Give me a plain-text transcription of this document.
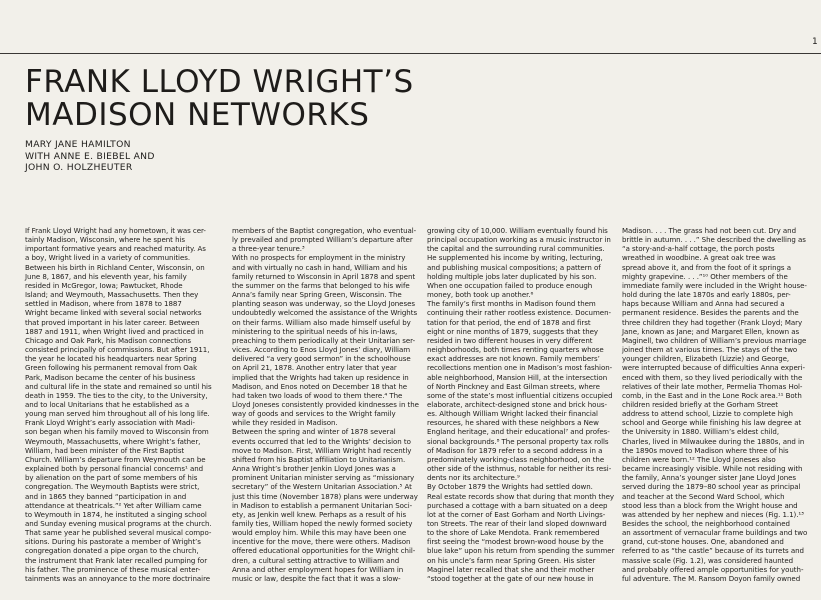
1
FRANK LLOYD WRIGHT’S
MADISON NETWORKS
MARY JANE HAMILTON
WITH ANNE E. BIEBEL AND
JOHN O. HOLZHEUTER
If Frank Lloyd Wright had any hometown, it was cer-
tainly Madison, Wisconsin, where he spent his
important formative years and reached maturity. As
a boy, Wright lived in a variety of communities.
Between his birth in Richland Center, Wisconsin, on
June 8, 1867, and his eleventh year, his family
resided in McGregor, Iowa; Pawtucket, Rhode
Island; and Weymouth, Massachusetts. Then they
settled in Madison, where from 1878 to 1887
Wright became linked with several social networks
that proved important in his later career. Between
1887 and 1911, when Wright lived and practiced in
Chicago and Oak Park, his Madison connections
consisted principally of commissions. But after 1911,
the year he located his headquarters near Spring
Green following his permanent removal from Oak
Park, Madison became the center of his business
and cultural life in the state and remained so until his
death in 1959. The ties to the city, to the University,
and to local Unitarians that he established as a
young man served him throughout all of his long life.
Frank Lloyd Wright’s early association with Madi-
son began when his family moved to Wisconsin from
Weymouth, Massachusetts, where Wright’s father,
William, had been minister of the First Baptist
Church. William’s departure from Weymouth can be
explained both by personal financial concerns¹ and
by alienation on the part of some members of his
congregation. The Weymouth Baptists were strict,
and in 1865 they banned “participation in and
attendance at theatricals.”² Yet after William came
to Weymouth in 1874, he instituted a singing school
and Sunday evening musical programs at the church.
That same year he published several musical compo-
sitions. During his pastorate a member of Wright’s
congregation donated a pipe organ to the church,
the instrument that Frank later recalled pumping for
his father. The prominence of these musical enter-
tainments was an annoyance to the more doctrinaire
members of the Baptist congregation, who eventual-
ly prevailed and prompted William’s departure after
a three-year tenure.³
With no prospects for employment in the ministry
and with virtually no cash in hand, William and his
family returned to Wisconsin in April 1878 and spent
the summer on the farms that belonged to his wife
Anna’s family near Spring Green, Wisconsin. The
planting season was underway, so the Lloyd Joneses
undoubtedly welcomed the assistance of the Wrights
on their farms. William also made himself useful by
ministering to the spiritual needs of his in-laws,
preaching to them periodically at their Unitarian ser-
vices. According to Enos Lloyd Jones’ diary, William
delivered “a very good sermon” in the schoolhouse
on April 21, 1878. Another entry later that year
implied that the Wrights had taken up residence in
Madison, and Enos noted on December 18 that he
had taken two loads of wood to them there.⁴ The
Lloyd Joneses consistently provided kindnesses in the
way of goods and services to the Wright family
while they resided in Madison.
Between the spring and winter of 1878 several
events occurred that led to the Wrights’ decision to
move to Madison. First, William Wright had recently
shifted from his Baptist affiliation to Unitarianism.
Anna Wright’s brother Jenkin Lloyd Jones was a
prominent Unitarian minister serving as “missionary
secretary” of the Western Unitarian Association.⁵ At
just this time (November 1878) plans were underway
in Madison to establish a permanent Unitarian Soci-
ety, as Jenkin well knew. Perhaps as a result of his
family ties, William hoped the newly formed society
would employ him. While this may have been one
incentive for the move, there were others. Madison
offered educational opportunities for the Wright chil-
dren, a cultural setting attractive to William and
Anna and other employment hopes for William in
music or law, despite the fact that it was a slow-
growing city of 10,000. William eventually found his
principal occupation working as a music instructor in
the capital and the surrounding rural communities.
He supplemented his income by writing, lecturing,
and publishing musical compositions; a pattern of
holding multiple jobs later duplicated by his son.
When one occupation failed to produce enough
money, both took up another.⁶
The family’s first months in Madison found them
continuing their rather rootless existence. Documen-
tation for that period, the end of 1878 and first
eight or nine months of 1879, suggests that they
resided in two different houses in very different
neighborhoods, both times renting quarters whose
exact addresses are not known. Family members’
recollections mention one in Madison’s most fashion-
able neighborhood, Mansion Hill, at the intersection
of North Pinckney and East Gilman streets, where
some of the state’s most influential citizens occupied
elaborate, architect-designed stone and brick hous-
es. Although William Wright lacked their financial
resources, he shared with these neighbors a New
England heritage, and their educational⁷ and profes-
sional backgrounds.⁸ The personal property tax rolls
of Madison for 1879 refer to a second address in a
predominately working-class neighborhood, on the
other side of the isthmus, notable for neither its resi-
dents nor its architecture.⁹
By October 1879 the Wrights had settled down.
Real estate records show that during that month they
purchased a cottage with a barn situated on a deep
lot at the corner of East Gorham and North Livings-
ton Streets. The rear of their land sloped downward
to the shore of Lake Mendota. Frank remembered
first seeing the “modest brown-wood house by the
blue lake” upon his return from spending the summer
on his uncle’s farm near Spring Green. His sister
Maginel later recalled that she and their mother
“stood together at the gate of our new house in
Madison. . . . The grass had not been cut. Dry and
brittle in autumn. . . .” She described the dwelling as
“a story-and-a-half cottage, the porch posts
wreathed in woodbine. A great oak tree was
spread above it, and from the foot of it springs a
mighty grapevine. . . .”¹⁰ Other members of the
immediate family were included in the Wright house-
hold during the late 1870s and early 1880s, per-
haps because William and Anna had secured a
permanent residence. Besides the parents and the
three children they had together (Frank Lloyd; Mary
Jane, known as Jane; and Margaret Ellen, known as
Maginell, two children of William’s previous marriage
joined them at various times. The stays of the two
younger children, Elizabeth (Lizzie) and George,
were interrupted because of difficulties Anna experi-
enced with them, so they lived periodically with the
relatives of their late mother, Permelia Thomas Hol-
comb, in the East and in the Lone Rock area.¹¹ Both
children resided briefly at the Gorham Street
address to attend school, Lizzie to complete high
school and George while finishing his law degree at
the University in 1880. William’s eldest child,
Charles, lived in Milwaukee during the 1880s, and in
the 1890s moved to Madison where three of his
children were born.¹² The Lloyd Joneses also
became increasingly visible. While not residing with
the family, Anna’s younger sister Jane Lloyd Jones
served during the 1879–80 school year as principal
and teacher at the Second Ward School, which
stood less than a block from the Wright house and
was attended by her nephew and nieces (Fig. 1.1).¹³
Besides the school, the neighborhood contained
an assortment of vernacular frame buildings and two
grand, cut-stone houses. One, abandoned and
referred to as “the castle” because of its turrets and
massive scale (Fig. 1.2), was considered haunted
and probably offered ample opportunities for youth-
ful adventure. The M. Ransom Doyon family owned
